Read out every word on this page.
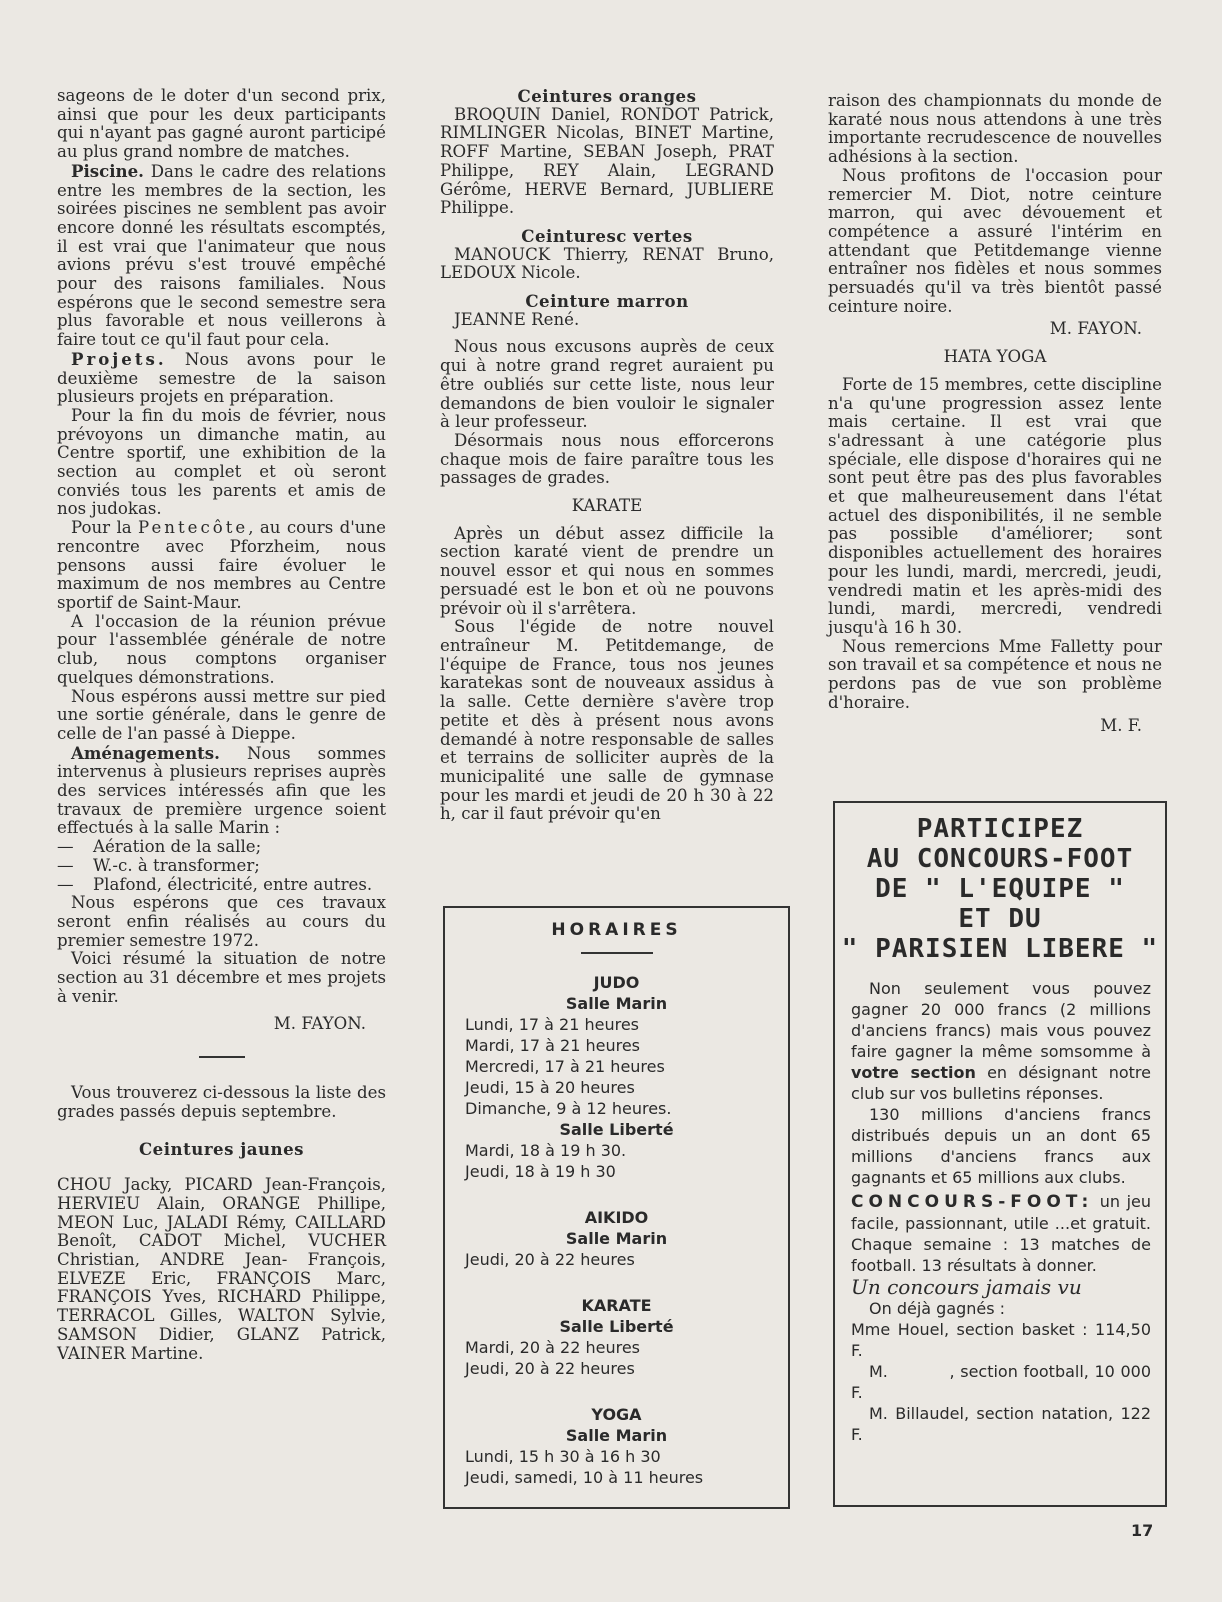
sageons de le doter d'un second prix, ainsi que pour les deux participants qui n'ayant pas gagné auront participé au plus grand nombre de matches.

Piscine. Dans le cadre des relations entre les membres de la section, les soirées piscines ne semblent pas avoir encore donné les résultats escomptés, il est vrai que l'animateur que nous avions prévu s'est trouvé empêché pour des raisons familiales. Nous espérons que le second semestre sera plus favorable et nous veillerons à faire tout ce qu'il faut pour cela.

Projets. Nous avons pour le deuxième semestre de la saison plusieurs projets en préparation.

Pour la fin du mois de février, nous prévoyons un dimanche matin, au Centre sportif, une exhibition de la section au complet et où seront conviés tous les parents et amis de nos judokas.

Pour la Pentecôte, au cours d'une rencontre avec Pforzheim, nous pensons aussi faire évoluer le maximum de nos membres au Centre sportif de Saint-Maur.

A l'occasion de la réunion prévue pour l'assemblée générale de notre club, nous comptons organiser quelques démonstrations.

Nous espérons aussi mettre sur pied une sortie générale, dans le genre de celle de l'an passé à Dieppe.

Aménagements. Nous sommes intervenus à plusieurs reprises auprès des services intéressés afin que les travaux de première urgence soient effectués à la salle Marin :

— Aération de la salle;

— W.-c. à transformer;

— Plafond, électricité, entre autres.

Nous espérons que ces travaux seront enfin réalisés au cours du premier semestre 1972.

Voici résumé la situation de notre section au 31 décembre et mes projets à venir.

M. FAYON.

Vous trouverez ci-dessous la liste des grades passés depuis septembre.

Ceintures jaunes

CHOU Jacky, PICARD Jean-François, HERVIEU Alain, ORANGE Phillipe, MEON Luc, JALADI Rémy, CAILLARD Benoît, CADOT Michel, VUCHER Christian, ANDRE Jean- François, ELVEZE Eric, FRANÇOIS Marc, FRANÇOIS Yves, RICHARD Philippe, TERRACOL Gilles, WALTON Sylvie, SAMSON Didier, GLANZ Patrick, VAINER Martine.

Ceintures oranges

BROQUIN Daniel, RONDOT Patrick, RIMLINGER Nicolas, BINET Martine, ROFF Martine, SEBAN Joseph, PRAT Philippe, REY Alain, LEGRAND Gérôme, HERVE Bernard, JUBLIERE Philippe.

Ceinturesc vertes

MANOUCK Thierry, RENAT Bruno, LEDOUX Nicole.

Ceinture marron

JEANNE René.

Nous nous excusons auprès de ceux qui à notre grand regret auraient pu être oubliés sur cette liste, nous leur demandons de bien vouloir le signaler à leur professeur.

Désormais nous nous efforcerons chaque mois de faire paraître tous les passages de grades.

KARATE

Après un début assez difficile la section karaté vient de prendre un nouvel essor et qui nous en sommes persuadé est le bon et où ne pouvons prévoir où il s'arrêtera.

Sous l'égide de notre nouvel entraîneur M. Petitdemange, de l'équipe de France, tous nos jeunes karatekas sont de nouveaux assidus à la salle. Cette dernière s'avère trop petite et dès à présent nous avons demandé à notre responsable de salles et terrains de solliciter auprès de la municipalité une salle de gymnase pour les mardi et jeudi de 20 h 30 à 22 h, car il faut prévoir qu'en

raison des championnats du monde de karaté nous nous attendons à une très importante recrudescence de nouvelles adhésions à la section.

Nous profitons de l'occasion pour remercier M. Diot, notre ceinture marron, qui avec dévouement et compétence a assuré l'intérim en attendant que Petitdemange vienne entraîner nos fidèles et nous sommes persuadés qu'il va très bientôt passé ceinture noire.

M. FAYON.

HATA YOGA

Forte de 15 membres, cette discipline n'a qu'une progression assez lente mais certaine. Il est vrai que s'adressant à une catégorie plus spéciale, elle dispose d'horaires qui ne sont peut être pas des plus favorables et que malheureusement dans l'état actuel des disponibilités, il ne semble pas possible d'améliorer; sont disponibles actuellement des horaires pour les lundi, mardi, mercredi, jeudi, vendredi matin et les après-midi des lundi, mardi, mercredi, vendredi jusqu'à 16 h 30.

Nous remercions Mme Falletty pour son travail et sa compétence et nous ne perdons pas de vue son problème d'horaire.

M. F.

HORAIRES
JUDO
Salle Marin
Lundi, 17 à 21 heures
Mardi, 17 à 21 heures
Mercredi, 17 à 21 heures
Jeudi, 15 à 20 heures
Dimanche, 9 à 12 heures.
Salle Liberté
Mardi, 18 à 19 h 30.
Jeudi, 18 à 19 h 30
AIKIDO
Salle Marin
Jeudi, 20 à 22 heures
KARATE
Salle Liberté
Mardi, 20 à 22 heures
Jeudi, 20 à 22 heures
YOGA
Salle Marin
Lundi, 15 h 30 à 16 h 30
Jeudi, samedi, 10 à 11 heures
PARTICIPEZ
AU CONCOURS-FOOT
DE " L'EQUIPE "
ET DU
" PARISIEN LIBERE "

Non seulement vous pouvez gagner 20 000 francs (2 millions d'anciens francs) mais vous pouvez faire gagner la même somsomme à votre section en désignant notre club sur vos bulletins réponses.

130 millions d'anciens francs distribués depuis un an dont 65 millions d'anciens francs aux gagnants et 65 millions aux clubs.

CONCOURS-FOOT: un jeu facile, passionnant, utile ...et gratuit. Chaque semaine : 13 matches de football. 13 résultats à donner.

Un concours jamais vu

On déjà gagnés :

Mme Houel, section basket : 114,50 F.

M.           , section football, 10 000 F.

M. Billaudel, section natation, 122 F.

17
